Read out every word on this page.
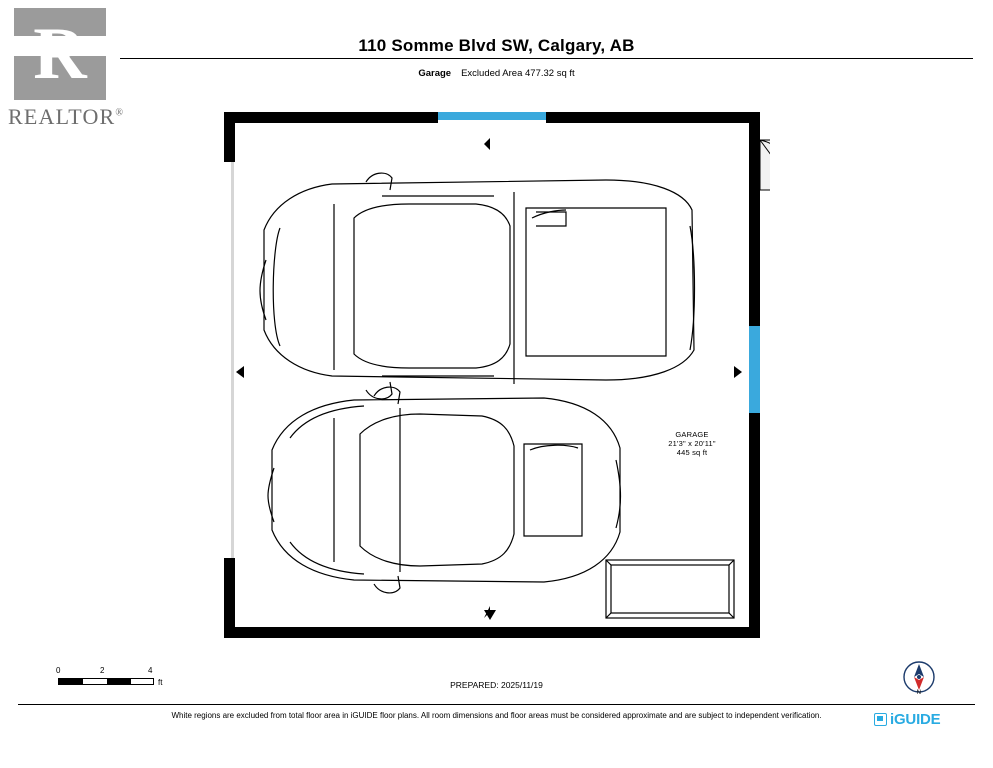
REALTOR®
110 Somme Blvd SW, Calgary, AB
Garage Excluded Area 477.32 sq ft
GARAGE
21'3" x 20'11"
445 sq ft
0	2	4
ft	PREPARED: 2025/11/19
N
iGUIDE
White regions are excluded from total floor area in iGUIDE floor plans. All room dimensions and floor areas must be considered approximate and are subject to independent verification.
